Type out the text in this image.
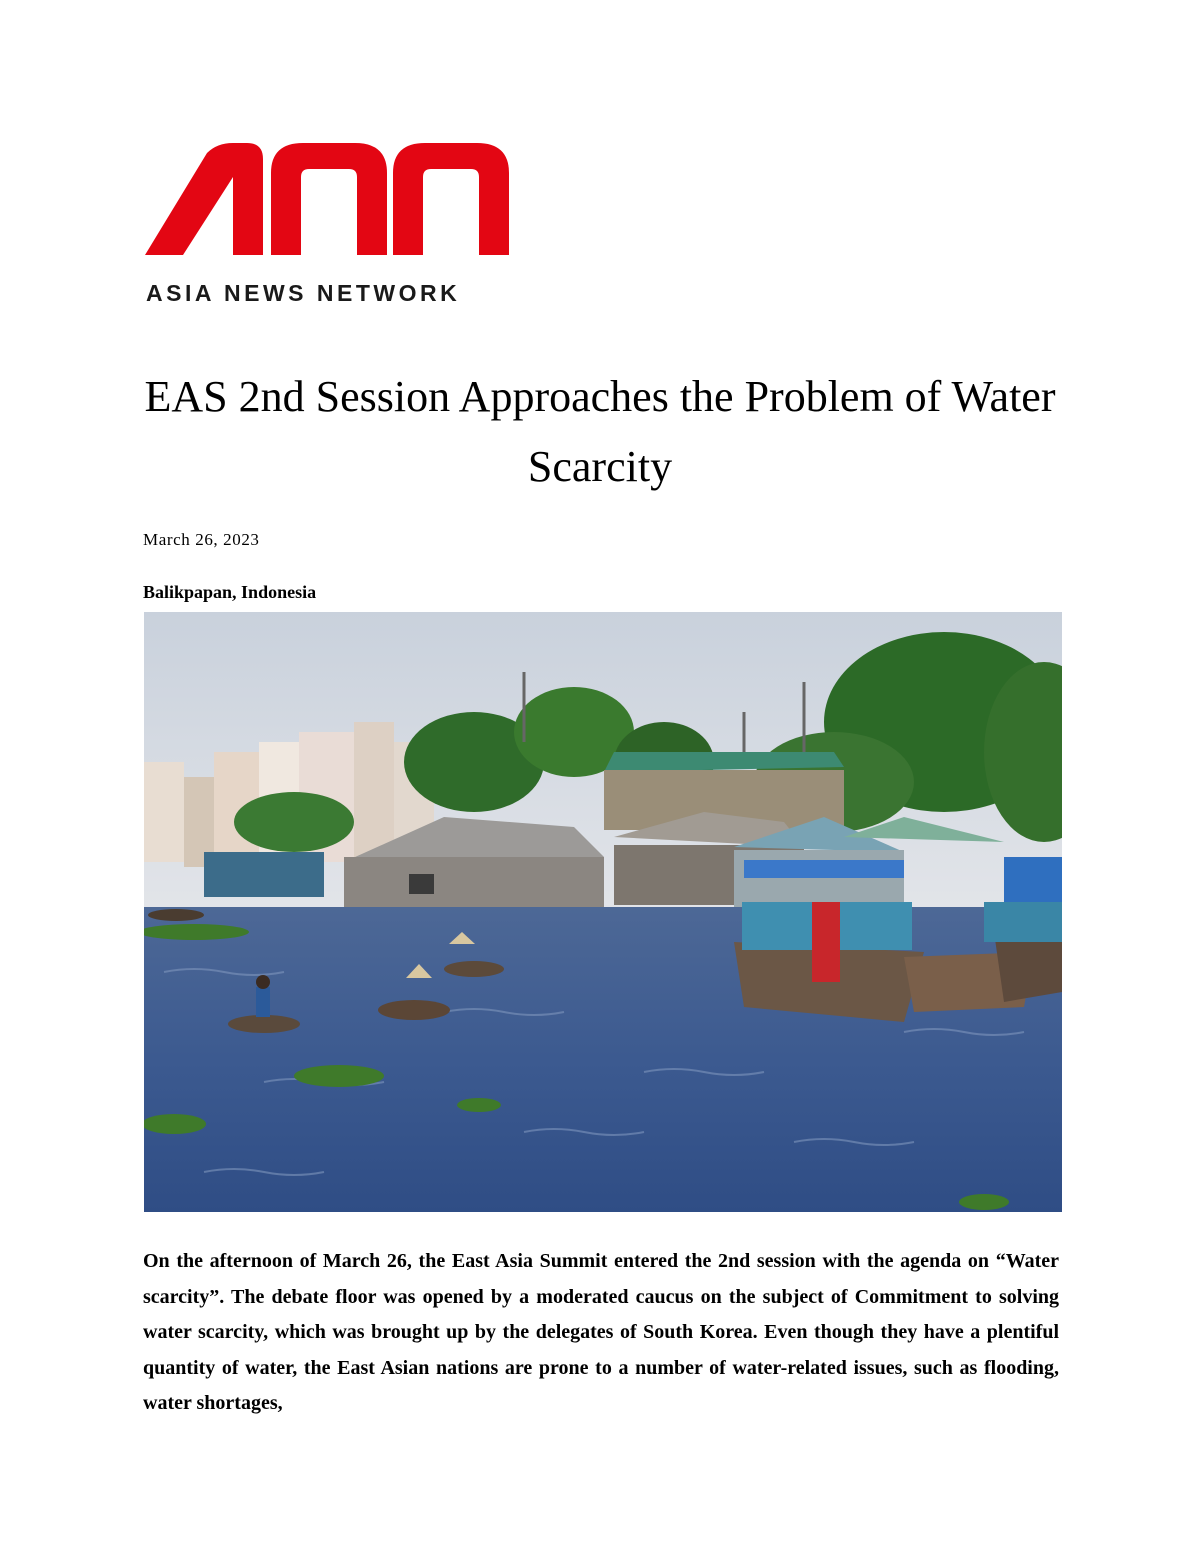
ASIA NEWS NETWORK
EAS 2nd Session Approaches the Problem of Water Scarcity
March 26, 2023
Balikpapan, Indonesia

On the afternoon of March 26, the East Asia Summit entered the 2nd session with the agenda on “Water scarcity”. The debate floor was opened by a moderated caucus on the subject of Commitment to solving water scarcity, which was brought up by the delegates of South Korea. Even though they have a plentiful quantity of water, the East Asian nations are prone to a number of water-related issues, such as flooding, water shortages,
